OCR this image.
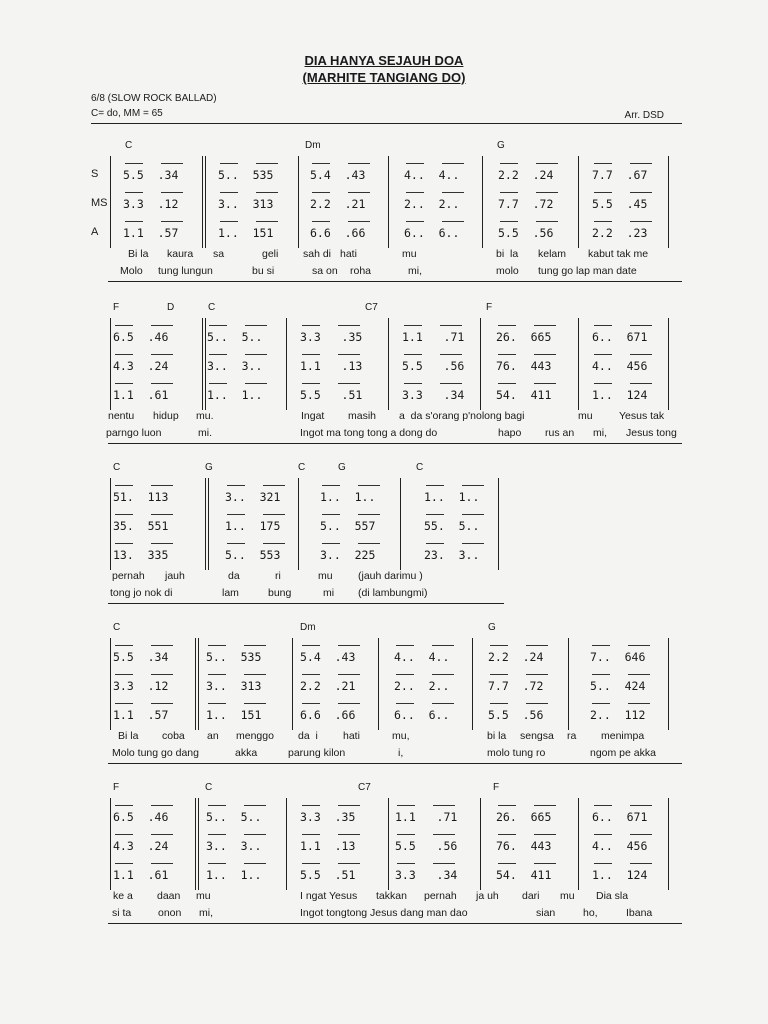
DIA HANYA SEJAUH DOA
(MARHITE TANGIANG DO)
6/8 (SLOW ROCK BALLAD)
C= do, MM = 65	Arr. DSD
C	Dm	G
S
MS
A
5.5  .34	5..  535	5.4  .43	4..  4..	2.2  .24	7.7  .67
3.3  .12	3..  313	2.2  .21	2..  2..	7.7  .72	5.5  .45
1.1  .57	1..  151	6.6  .66	6..  6..	5.5  .56	2.2  .23
Bi la kaura sa	geli sah di hati	mu	bi  la kelam kabut tak me
Molo tung lungun	bu si	sa on roha	mi,	molo tung go lap man date
F	D	C	C7	F
6.5  .46	5..  5..	3.3   .35	1.1   .71	26.  665	6..  671
4.3  .24	3..  3..	1.1   .13	5.5   .56	76.  443	4..  456
1.1  .61	1..  1..	5.5   .51	3.3   .34	54.  411	1..  124
nentu hidup mu.	Ingat masih a  da s'orang p'nolong bagi	mu	Yesus tak
parngo luon	mi.	Ingot ma tong tong a dong do	hapo rus an mi, Jesus tong
C	G	C	G	C
51.  113	3..  321	1..  1..	1..  1..
35.  551	1..  175	5..  557	55.  5..
13.  335	5..  553	3..  225	23.  3..
pernah jauh	da	ri	mu (jauh darimu )
tong jo nok di	lam	bung	mi (di lambungmi)
C	Dm	G
5.5  .34	5..  535	5.4  .43	4..  4..	2.2  .24	7..  646
3.3  .12	3..  313	2.2  .21	2..  2..	7.7  .72	5..  424
1.1  .57	1..  151	6.6  .66	6..  6..	5.5  .56	2..  112
Bi la coba an menggo da  i hati	mu,	bi la sengsa ra menimpa
Molo tung go dang	akka	parung kilon	i,	molo tung ro	ngom pe akka
F	C	C7	F
6.5  .46	5..  5..	3.3  .35	1.1   .71	26.  665	6..  671
4.3  .24	3..  3..	1.1  .13	5.5   .56	76.  443	4..  456
1.1  .61	1..  1..	5.5  .51	3.3   .34	54.  411	1..  124
ke a daan mu	I ngat Yesus takkan pernah ja uh dari mu Dia sla
si ta	onon mi,	Ingot tongtong Jesus dang man dao	sian	ho,	Ibana
